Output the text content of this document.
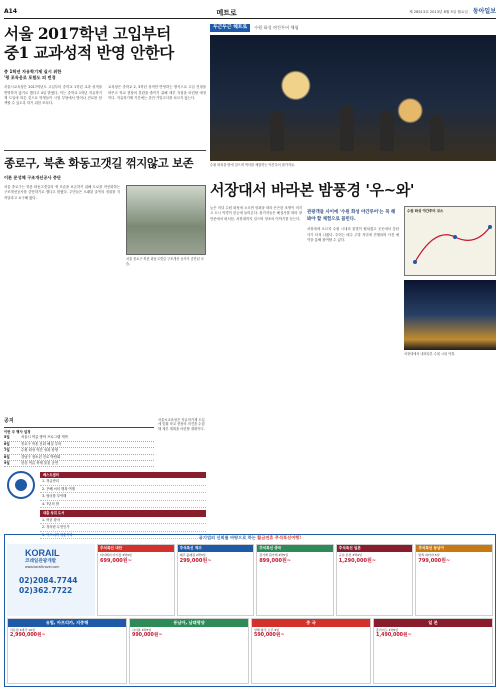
A14	메트로	제 28513호 2013년 8월 5일 월요일 동아일보
서울 2017학년 고입부터
중1 교과성적 반영 안한다
중 1학년 자유학기제 실시 위한
'평 포독옹로 포함도 의 번경
서울시교육청은 2017학년도 고입부터 중학교 1학년 교과 성적을 반영하지 않기로 했다고 4일 밝혔다. 이는 중학교 1학년 자유학기제 도입에 따른 것으로 학생들이 시험 부담에서 벗어나 진로를 탐색할 수 있도록 하기 위한 조치다.
교육청은 중학교 2, 3학년 성적만 반영하는 방식으로 고입 전형을 바꾸고 학교 현장의 혼란을 줄이기 위해 세부 지침을 마련할 예정이다. 자유학기제 기간에는 중간·기말고사를 치르지 않는다.
종로구, 북촌 화동고갯길 꺾지않고 보존
이론 문성체 구조개선공사 중단
서울 종로구는 북촌 화동고갯길의 옛 모습을 보존하기 위해 도로를 직선화하는 구조개선공사를 중단하기로 했다고 밝혔다. 주민들은 오래된 골목의 정취를 지켜달라고 요구해 왔다.
서울 종로구 북촌 화동고갯길 구조개선 공사가 중단된 모습.
두근두근 헤트로	수원 화성 야간투어 체험
수원 화성을 밤에 걸으며 역사를 체험하는 야간투어 참가자들.
서장대서 바라본 밤풍경 '우~와'
늦은 저녁 수원 화성에 오르면 성곽을 따라 은은한 조명이 켜지고 도시 야경이 한눈에 들어온다. 참가자들은 해설사를 따라 장안문에서 화서문, 서장대까지 걸으며 정조의 이야기를 듣는다.
관광객들 사이에 '수원 화성 야간투어'는 꼭 해봐야 할 체험으로 꼽힌다.
서장대에 오르자 수원 시내의 불빛이 펼쳐졌고 곳곳에서 감탄사가 터져 나왔다. 투어는 매주 주말 저녁에 진행되며 사전 예약을 통해 참여할 수 있다.
수원 화성 야간투어 코스
서장대에서 내려다본 수원 시내 야경.
공지
이번 주 행사 일정
5일	서울시 여름 방학 프로그램 개막
6일	종로구 북촌 문화 해설 투어
7일	수원 화성 야간 성곽 탐방
8일	강남구 청소년 진로 박람회
9일	한강 여름 축제 불꽃 공연
서울시교육청은 자유학기제 도입에 맞춰 학교 현장의 의견을 수렴해 세부 계획을 마련할 계획이다.
베스트셀러
1. 정글만리
2. 꾸뻬 씨의 행복 여행
3. 엄마를 부탁해
4. 7년의 밤
대출 상위 도서
1. 어린 왕자
2. 정의란 무엇인가
3. 아프니까 청춘이다
공기업의 신뢰를 바탕으로 하는 활금연휴 추석특선여행!
KORAIL
코레일관광개발
www.korailtravel.com
02)2084.7744
02)362.7722
추석특선 대만
타이베이 야시장 3박4일
699,000원~
추석특선 제주
제주 올레길 2박3일
299,000원~
추석특선 중국
장가계 원가계 4박5일
899,000원~
추석특선 일본
규슈 온천 3박4일
1,290,000원~
추석특선 동남아
방콕 파타야 5일
799,000원~
유럽, 아프리카, 지중해
서유럽 4개국 10일
2,990,000원~
동남아, 남태평양
사이판 4박5일
990,000원~
중 국
상해 항주 소주 4일
590,000원~
일 본
홋카이도 4박5일
1,490,000원~
